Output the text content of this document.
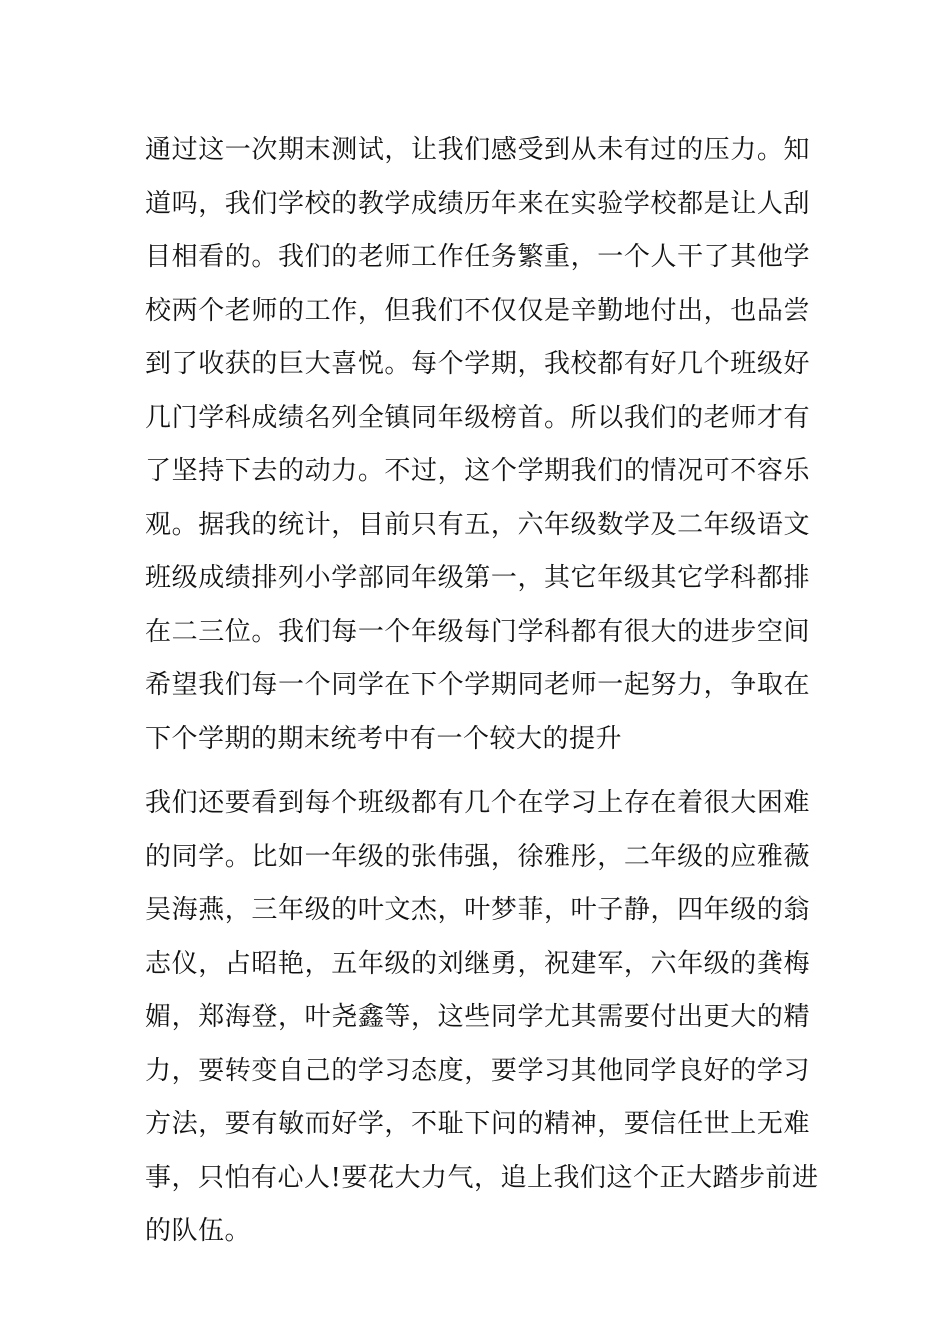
通过这一次期末测试，让我们感受到从未有过的压力。知
道吗，我们学校的教学成绩历年来在实验学校都是让人刮
目相看的。我们的老师工作任务繁重，一个人干了其他学
校两个老师的工作，但我们不仅仅是辛勤地付出，也品尝
到了收获的巨大喜悦。每个学期，我校都有好几个班级好
几门学科成绩名列全镇同年级榜首。所以我们的老师才有
了坚持下去的动力。不过，这个学期我们的情况可不容乐
观。据我的统计，目前只有五，六年级数学及二年级语文
班级成绩排列小学部同年级第一，其它年级其它学科都排
在二三位。我们每一个年级每门学科都有很大的进步空间
希望我们每一个同学在下个学期同老师一起努力，争取在
下个学期的期末统考中有一个较大的提升
我们还要看到每个班级都有几个在学习上存在着很大困难
的同学。比如一年级的张伟强，徐雅彤，二年级的应雅薇
吴海燕，三年级的叶文杰，叶梦菲，叶子静，四年级的翁
志仪，占昭艳，五年级的刘继勇，祝建军，六年级的龚梅
媚，郑海登，叶尧鑫等，这些同学尤其需要付出更大的精
力，要转变自己的学习态度，要学习其他同学良好的学习
方法，要有敏而好学，不耻下问的精神，要信任世上无难
事，只怕有心人!要花大力气，追上我们这个正大踏步前进
的队伍。
